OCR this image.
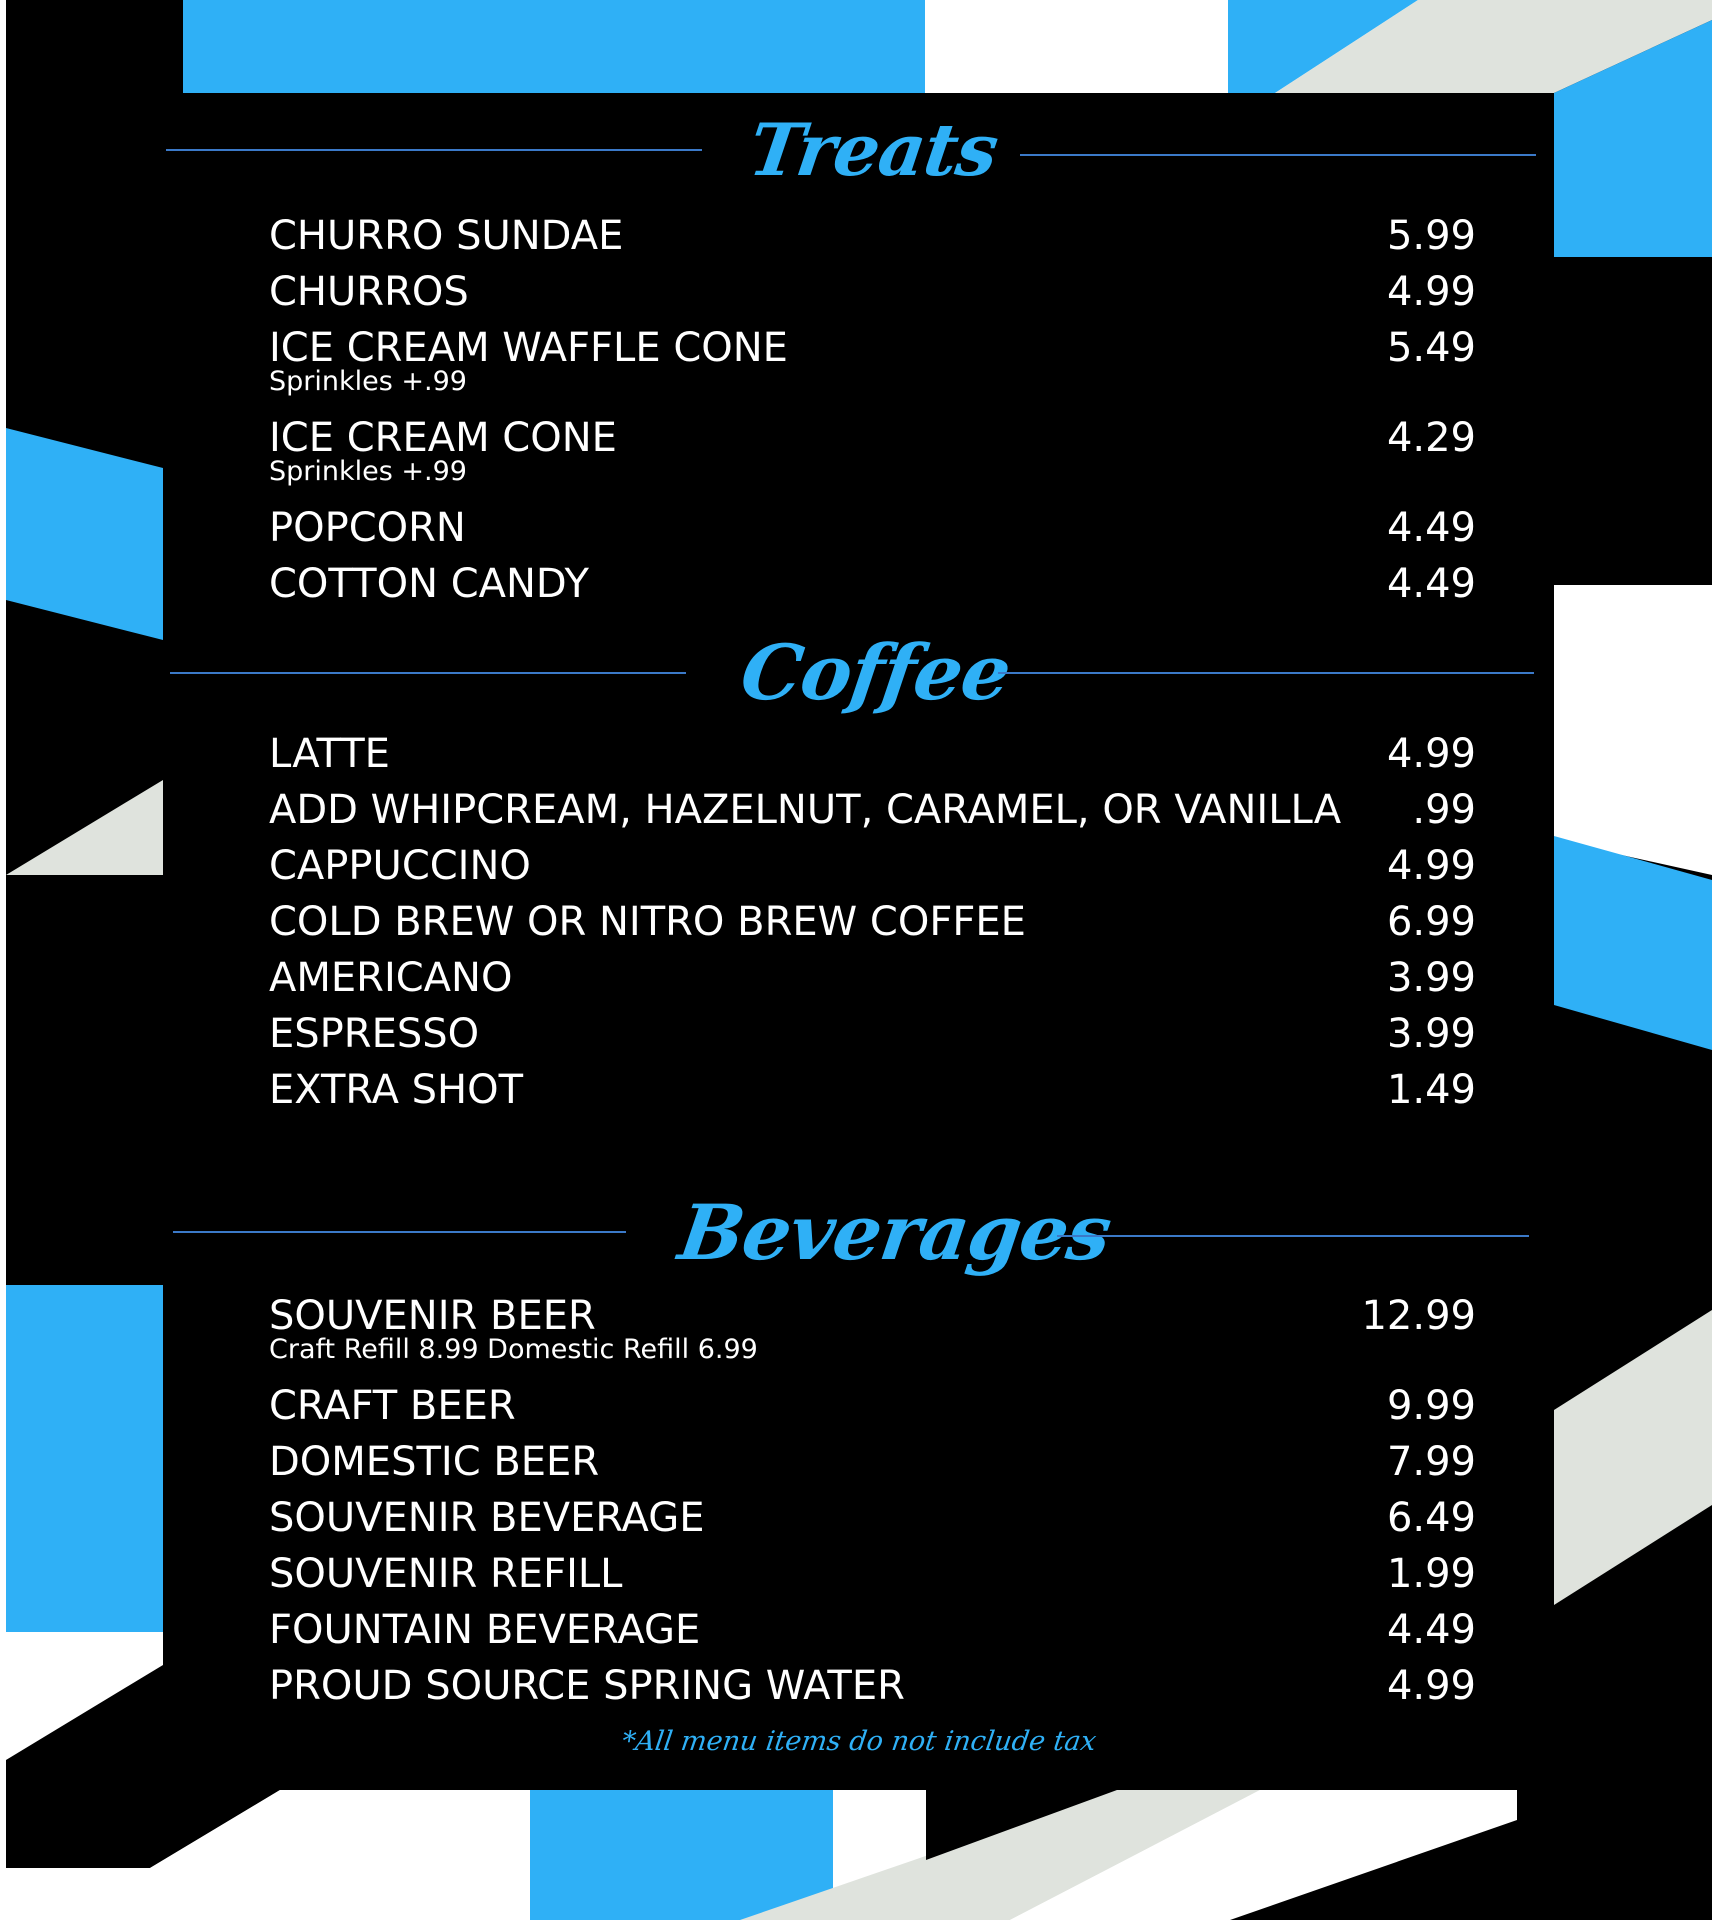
Treats
CHURRO SUNDAE	5.99
CHURROS	4.99
ICE CREAM WAFFLE CONE	5.49
Sprinkles +.99
ICE CREAM CONE	4.29
Sprinkles +.99
POPCORN	4.49
COTTON CANDY	4.49
Coffee
LATTE	4.99
ADD WHIPCREAM, HAZELNUT, CARAMEL, OR VANILLA .99
CAPPUCCINO	4.99
COLD BREW OR NITRO BREW COFFEE	6.99
AMERICANO	3.99
ESPRESSO	3.99
EXTRA SHOT	1.49
Beverages
SOUVENIR BEER	12.99
Craft Refill 8.99 Domestic Refill 6.99
CRAFT BEER	9.99
DOMESTIC BEER	7.99
SOUVENIR BEVERAGE	6.49
SOUVENIR REFILL	1.99
FOUNTAIN BEVERAGE	4.49
PROUD SOURCE SPRING WATER	4.99
*All menu items do not include tax
